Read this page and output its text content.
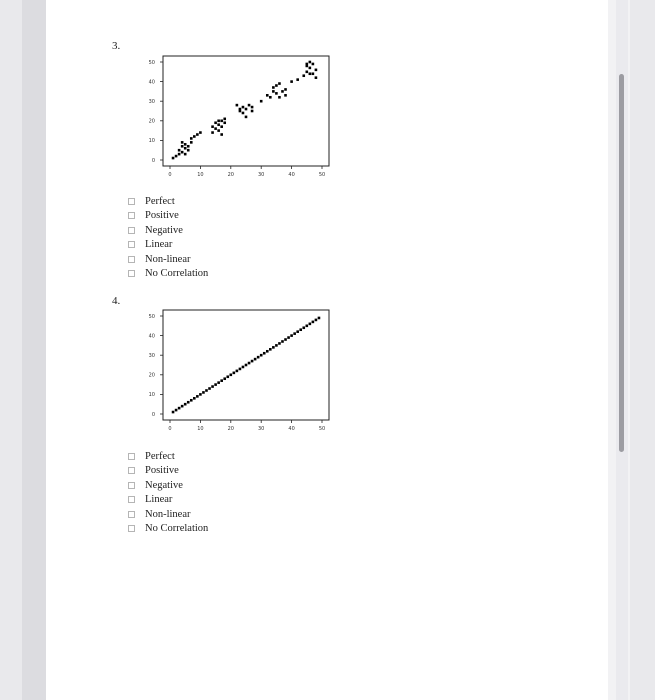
3.
0	10	20	30	40	50
0
10
20
30
40
50
Perfect
Positive
Negative
Linear
Non-linear
No Correlation
4.
0	10	20	30	40	50
0
10
20
30
40
50
Perfect
Positive
Negative
Linear
Non-linear
No Correlation
